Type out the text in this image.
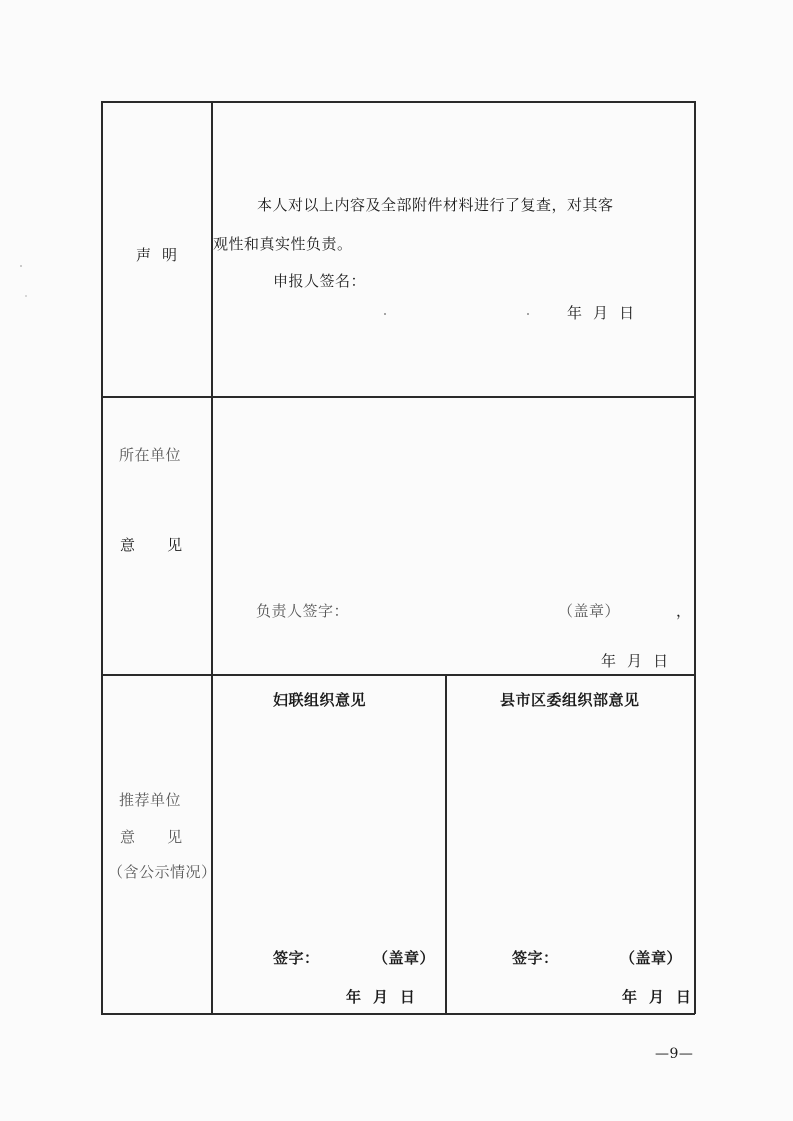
声  明
本人对以上内容及全部附件材料进行了复查，对其客
观性和真实性负责。
申报人签名：
年  月  日
所在单位
意      见
负责人签字：	（盖章）	，
年  月  日
推荐单位
意      见
（含公示情况）
妇联组织意见
签字：	（盖章）
年  月  日
县市区委组织部意见
签字：	（盖章）
年  月  日
—9—
